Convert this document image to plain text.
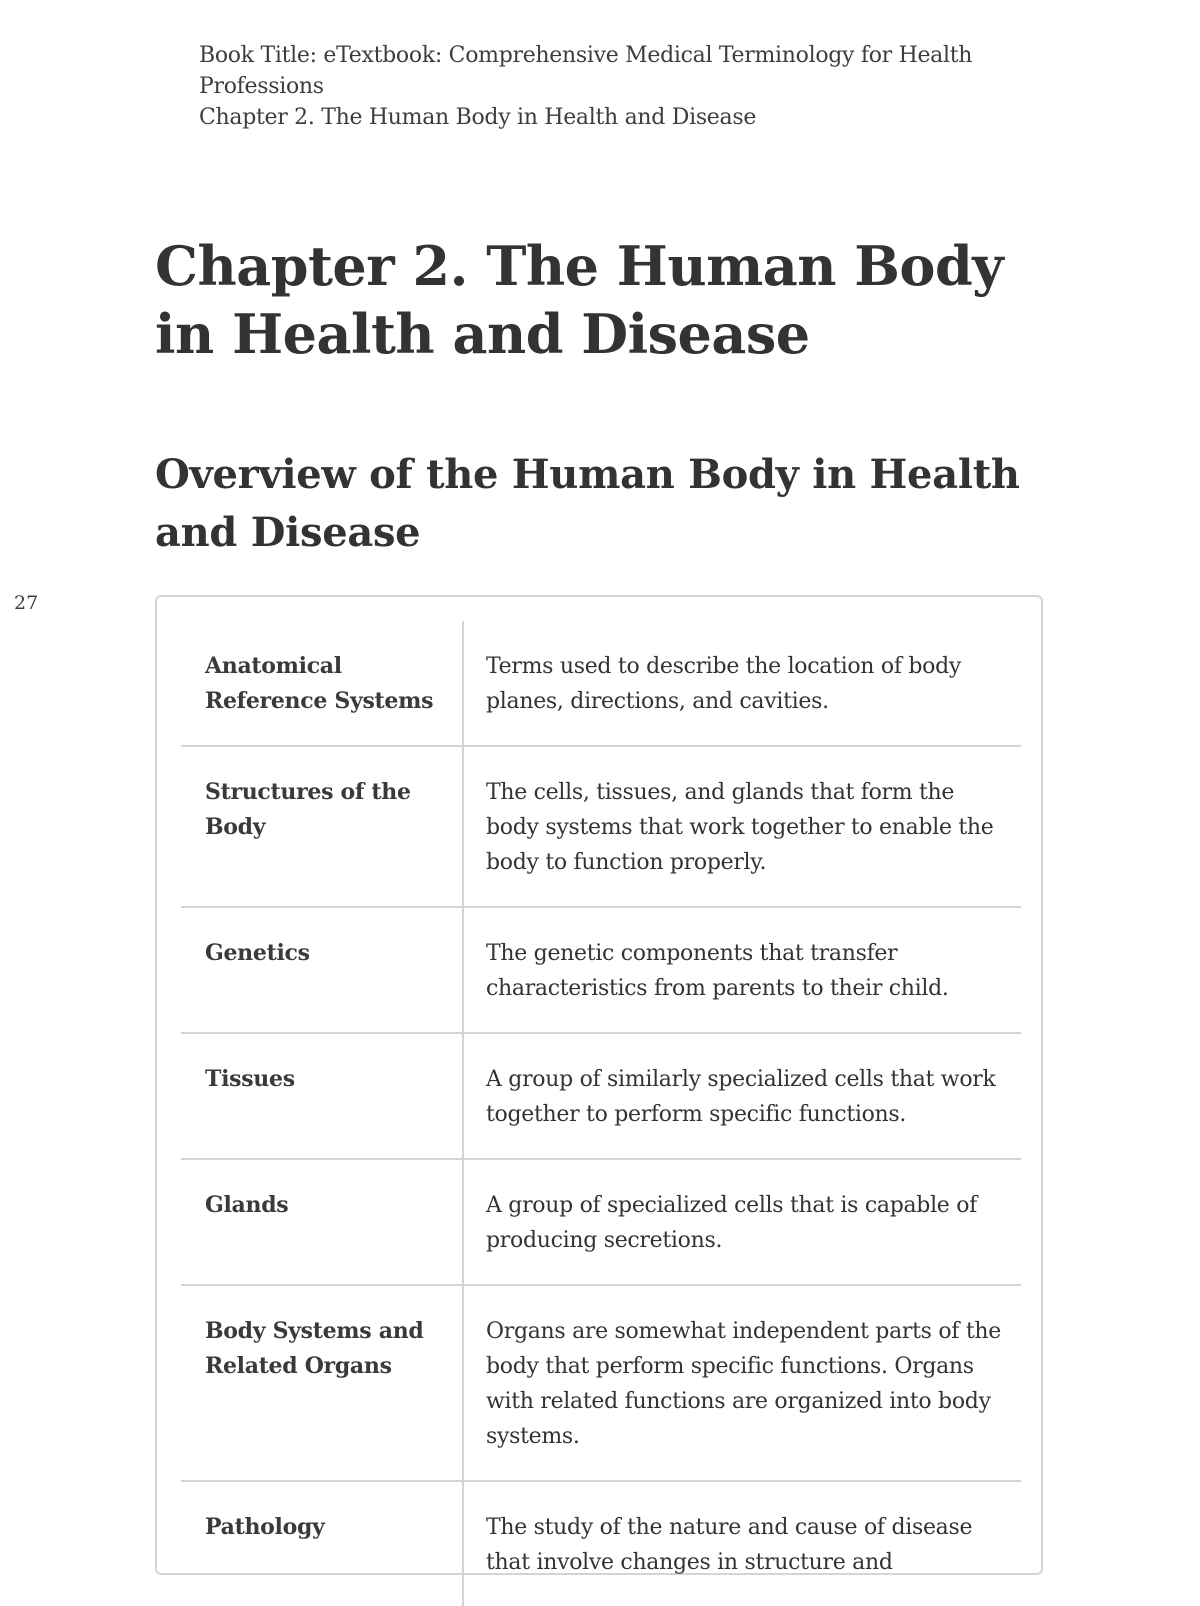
Book Title: eTextbook: Comprehensive Medical Terminology for Health Professions
Chapter 2. The Human Body in Health and Disease
27
Chapter 2. The Human Body in Health and Disease
Overview of the Human Body in Health and Disease
Anatomical Reference Systems	Terms used to describe the location of body planes, directions, and cavities.
Structures of the Body	The cells, tissues, and glands that form the body systems that work together to enable the body to function properly.
Genetics	The genetic components that transfer characteristics from parents to their child.
Tissues	A group of similarly specialized cells that work together to perform specific functions.
Glands	A group of specialized cells that is capable of producing secretions.
Body Systems and Related Organs	Organs are somewhat independent parts of the body that perform specific functions. Organs with related functions are organized into body systems.
Pathology	The study of the nature and cause of disease that involve changes in structure and
